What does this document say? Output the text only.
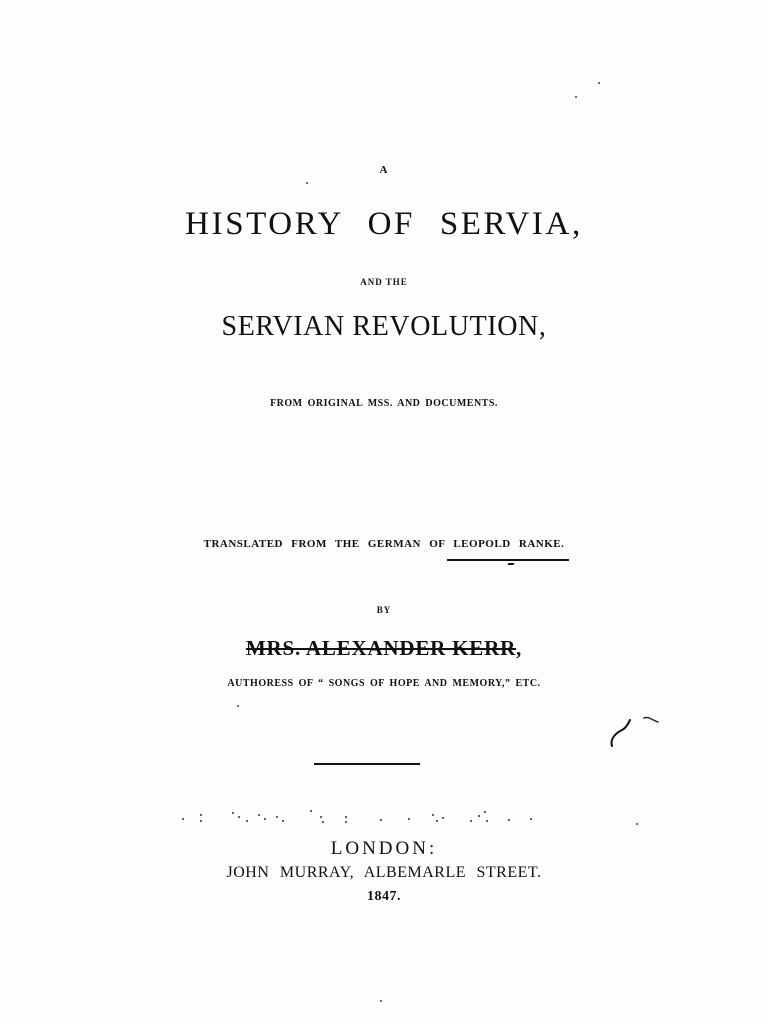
A
HISTORY OF SERVIA,
AND THE
SERVIAN REVOLUTION,
FROM ORIGINAL MSS. AND DOCUMENTS.
TRANSLATED FROM THE GERMAN OF LEOPOLD RANKE.
BY
MRS. ALEXANDER KERR,
AUTHORESS OF “ SONGS OF HOPE AND MEMORY,” ETC.
LONDON:
JOHN MURRAY, ALBEMARLE STREET.
1847.
